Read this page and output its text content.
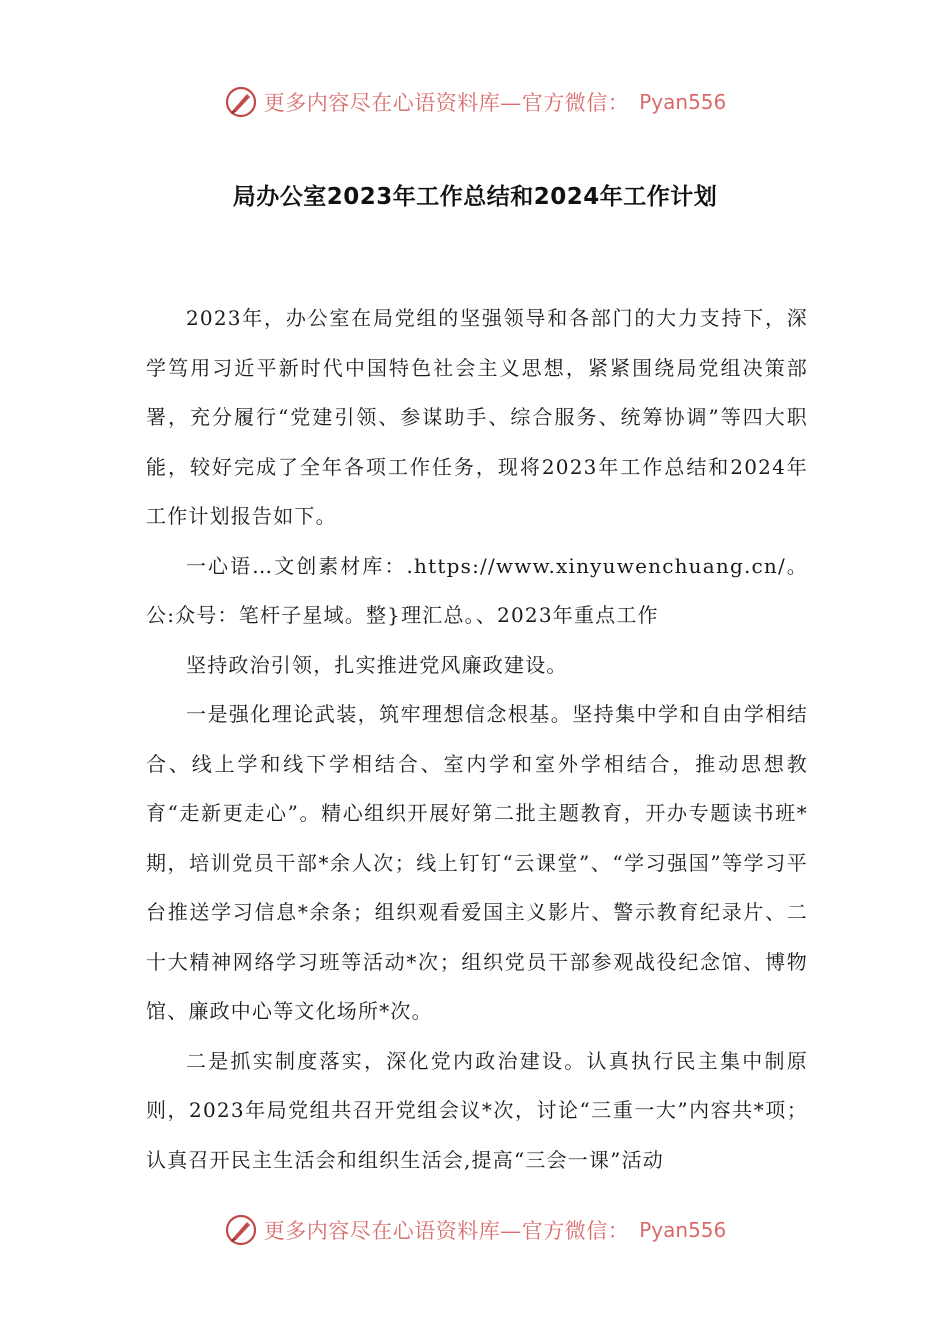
更多内容尽在心语资料库—官方微信： Pyan556
局办公室2023年工作总结和2024年工作计划

2023年，办公室在局党组的坚强领导和各部门的大力支持下，深学笃用习近平新时代中国特色社会主义思想，紧紧围绕局党组决策部署，充分履行“党建引领、参谋助手、综合服务、统筹协调”等四大职能，较好完成了全年各项工作任务，现将2023年工作总结和2024年工作计划报告如下。

一心语…文创素材库：.https://www.xinyuwenchuang.cn/。公:众号：笔杆子星域。整}理汇总。、2023年重点工作

坚持政治引领，扎实推进党风廉政建设。

一是强化理论武装，筑牢理想信念根基。坚持集中学和自由学相结合、线上学和线下学相结合、室内学和室外学相结合，推动思想教育“走新更走心”。精心组织开展好第二批主题教育，开办专题读书班*期，培训党员干部*余人次；线上钉钉“云课堂”、“学习强国”等学习平台推送学习信息*余条；组织观看爱国主义影片、警示教育纪录片、二十大精神网络学习班等活动*次；组织党员干部参观战役纪念馆、博物馆、廉政中心等文化场所*次。

二是抓实制度落实，深化党内政治建设。认真执行民主集中制原则，2023年局党组共召开党组会议*次，讨论“三重一大”内容共*项；认真召开民主生活会和组织生活会,提高“三会一课”活动

更多内容尽在心语资料库—官方微信： Pyan556
